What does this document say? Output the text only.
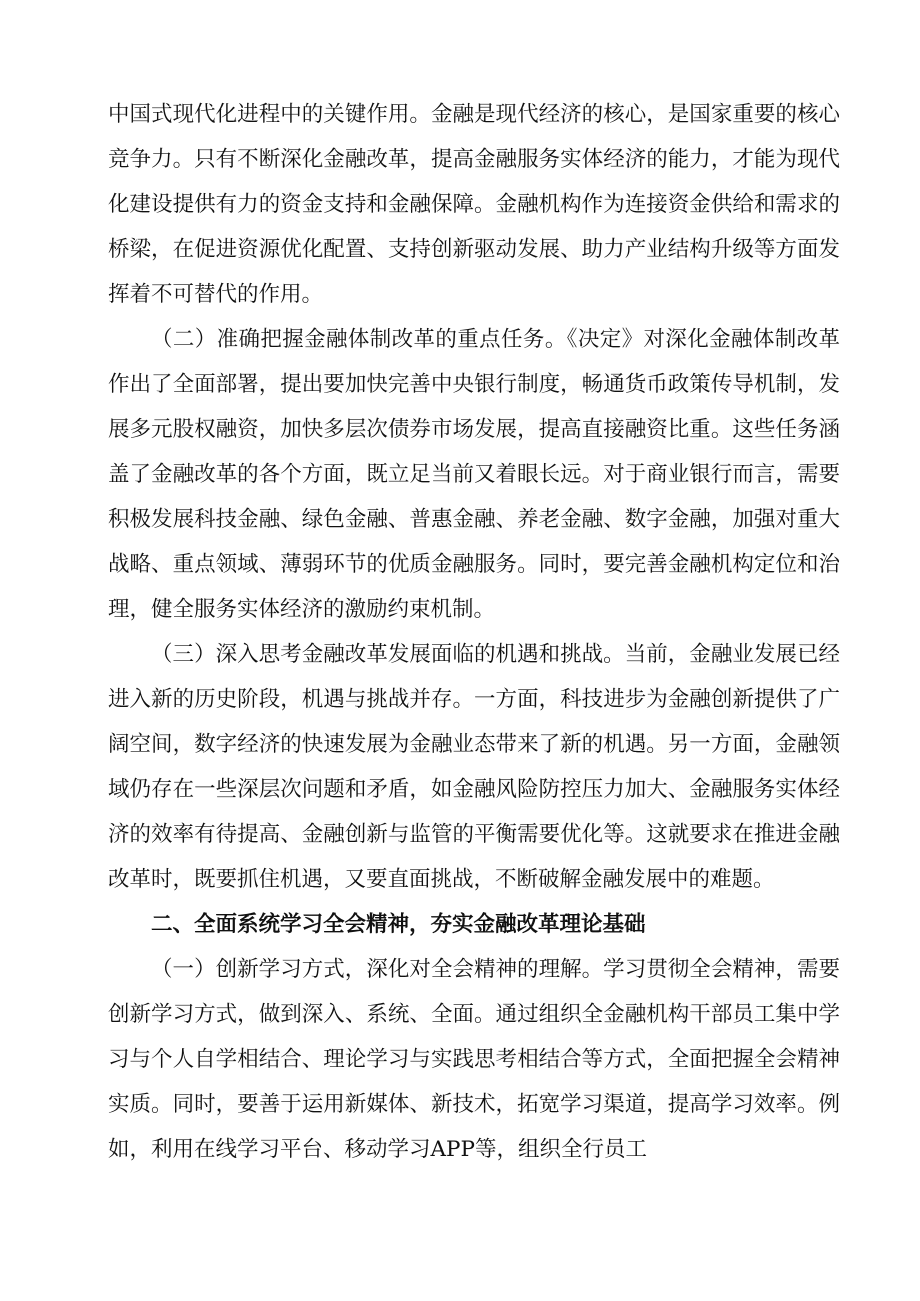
中国式现代化进程中的关键作用。金融是现代经济的核心，是国家重要的核心竞争力。只有不断深化金融改革，提高金融服务实体经济的能力，才能为现代化建设提供有力的资金支持和金融保障。金融机构作为连接资金供给和需求的桥梁，在促进资源优化配置、支持创新驱动发展、助力产业结构升级等方面发挥着不可替代的作用。

（二）准确把握金融体制改革的重点任务。《决定》对深化金融体制改革作出了全面部署，提出要加快完善中央银行制度，畅通货币政策传导机制，发展多元股权融资，加快多层次债券市场发展，提高直接融资比重。这些任务涵盖了金融改革的各个方面，既立足当前又着眼长远。对于商业银行而言，需要积极发展科技金融、绿色金融、普惠金融、养老金融、数字金融，加强对重大战略、重点领域、薄弱环节的优质金融服务。同时，要完善金融机构定位和治理，健全服务实体经济的激励约束机制。

（三）深入思考金融改革发展面临的机遇和挑战。当前，金融业发展已经进入新的历史阶段，机遇与挑战并存。一方面，科技进步为金融创新提供了广阔空间，数字经济的快速发展为金融业态带来了新的机遇。另一方面，金融领域仍存在一些深层次问题和矛盾，如金融风险防控压力加大、金融服务实体经济的效率有待提高、金融创新与监管的平衡需要优化等。这就要求在推进金融改革时，既要抓住机遇，又要直面挑战，不断破解金融发展中的难题。

二、全面系统学习全会精神，夯实金融改革理论基础

（一）创新学习方式，深化对全会精神的理解。学习贯彻全会精神，需要创新学习方式，做到深入、系统、全面。通过组织全金融机构干部员工集中学习与个人自学相结合、理论学习与实践思考相结合等方式，全面把握全会精神实质。同时，要善于运用新媒体、新技术，拓宽学习渠道，提高学习效率。例如，利用在线学习平台、移动学习APP等，组织全行员工
